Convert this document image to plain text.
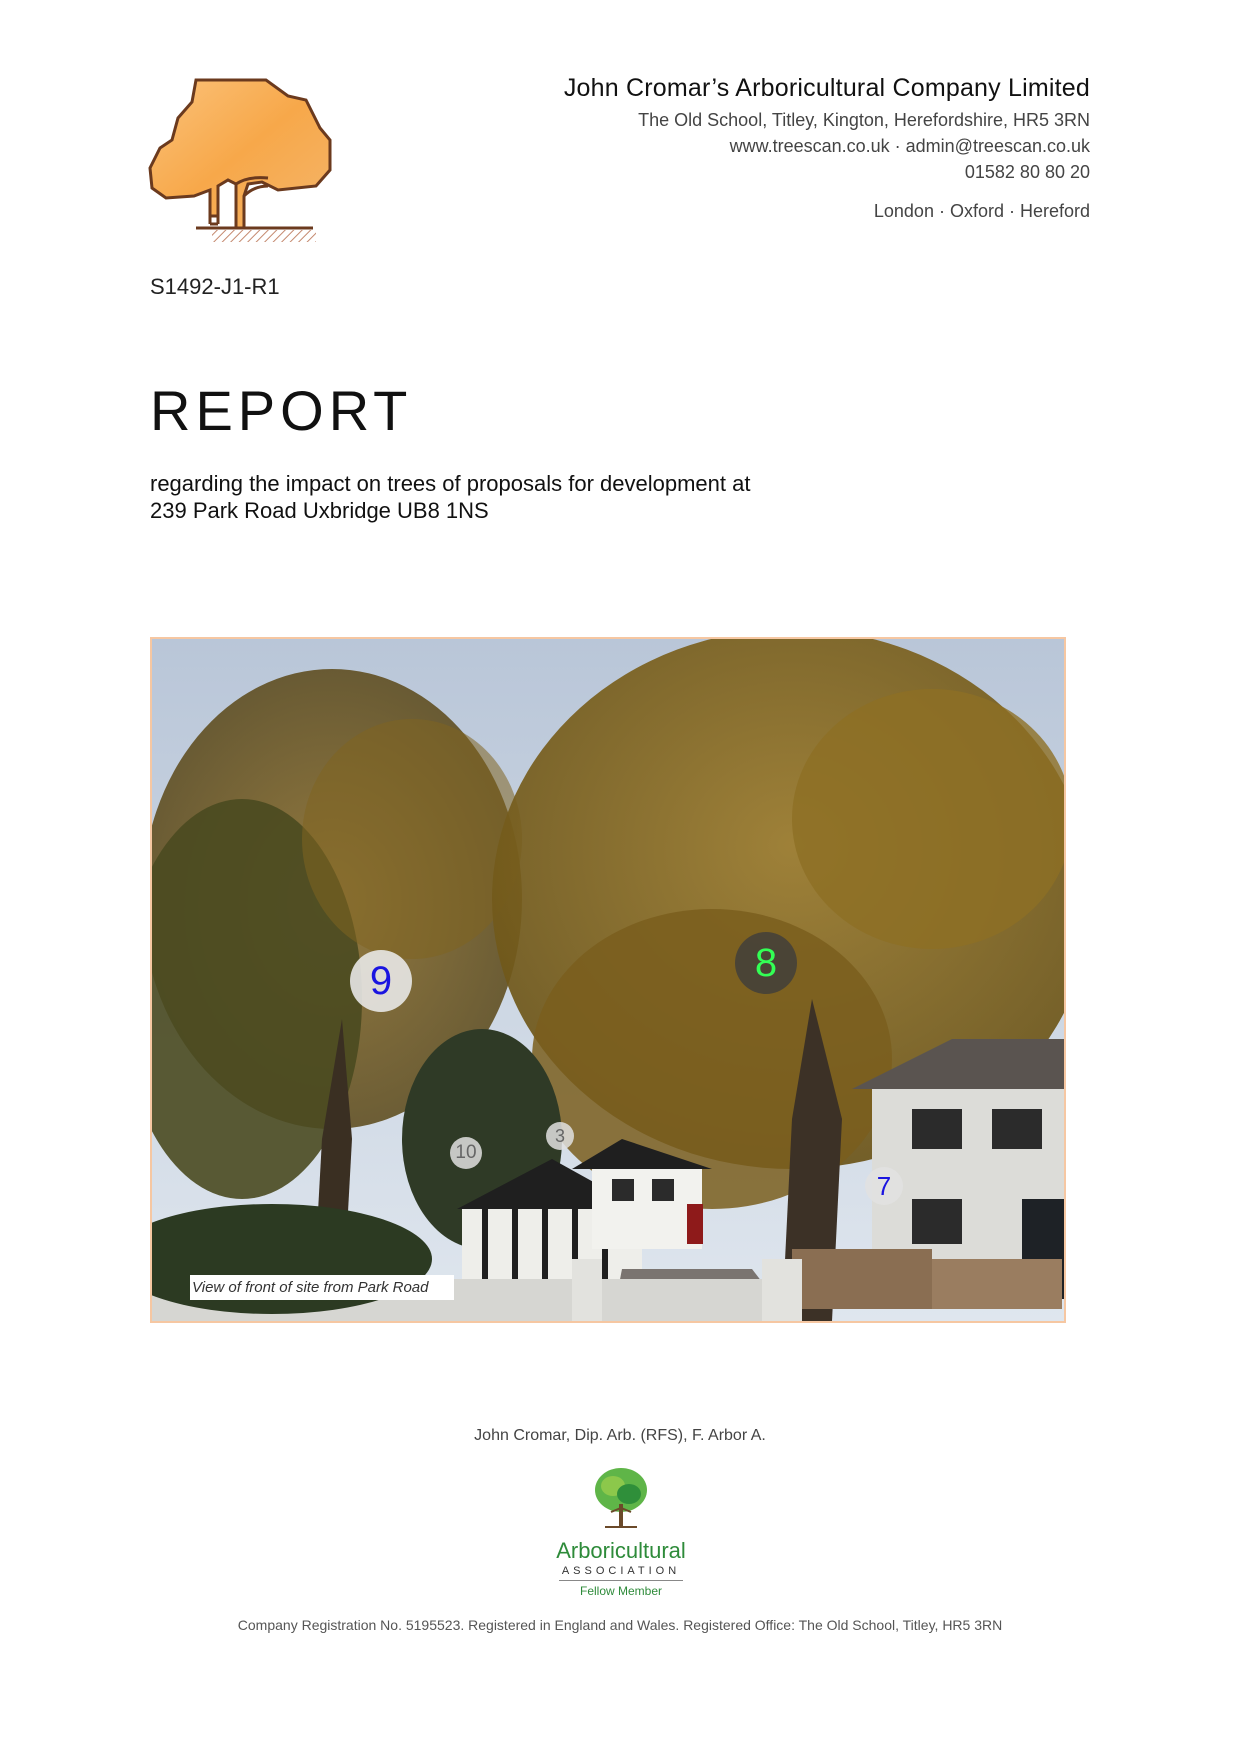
John Cromar’s Arboricultural Company Limited
The Old School, Titley, Kington, Herefordshire, HR5 3RN
www.treescan.co.uk · admin@treescan.co.uk
01582 80 80 20
London · Oxford · Hereford
S1492-J1-R1
REPORT
regarding the impact on trees of proposals for development at
239 Park Road Uxbridge UB8 1NS
9	8
10
3
7
View of front of site from Park Road
John Cromar, Dip. Arb. (RFS), F. Arbor A.
Arboricultural
ASSOCIATION
Fellow Member
Company Registration No. 5195523. Registered in England and Wales. Registered Office: The Old School, Titley, HR5 3RN
